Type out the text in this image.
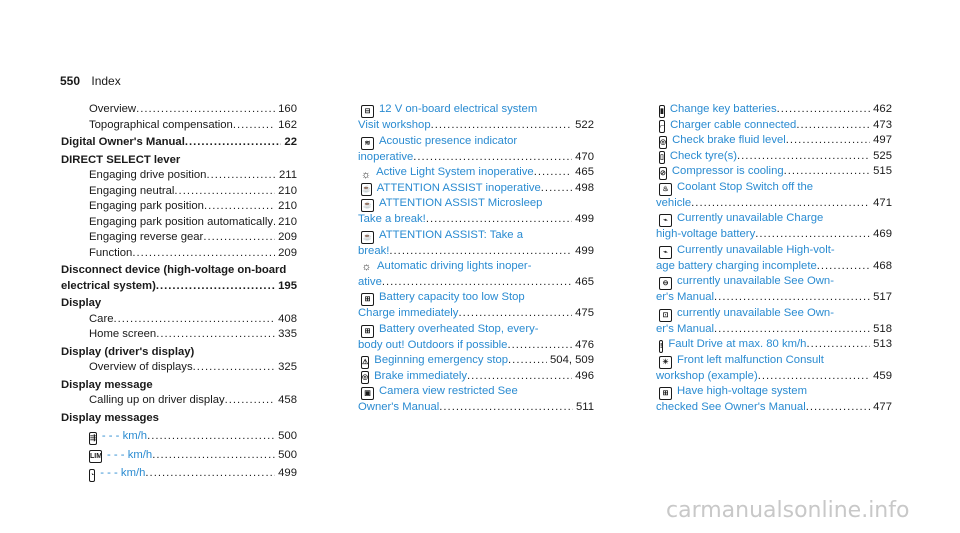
550 Index
Overview .....	160
Topographical compensation .....	162
Digital Owner's Manual .....	22
DIRECT SELECT lever
Engaging drive position .....	211
Engaging neutral .....	210
Engaging park position .....	210
Engaging park position automatically ..... 210
Engaging reverse gear .....	209
Function .....	209
Disconnect device (high-voltage on-board
electrical system) .....	195
Display
Care .....	408
Home screen .....	335
Display (driver's display)
Overview of displays .....	325
Display message
Calling up on driver display .....	458
Display messages
⇶ - - - km/h .....	500
LIM - - - km/h .....	500
◔ - - - km/h .....	499
⊟ 12 V on-board electrical system
Visit workshop .....	522
≋ Acoustic presence indicator
inoperative .....	470
☼ Active Light System inoperative .....	465
☕ ATTENTION ASSIST inoperative .....	498
☕ ATTENTION ASSIST Microsleep
Take a break! .....	499
☕ ATTENTION ASSIST: Take a
break! .....	499
☼ Automatic driving lights inoper-
ative .....	465
⊞ Battery capacity too low Stop
Charge immediately .....	475
⊞ Battery overheated Stop, every-
body out! Outdoors if possible .....	476
⚠ Beginning emergency stop .....	504, 509
◎ Brake immediately .....	496
▣ Camera view restricted See
Owner's Manual .....	511
▮ Change key batteries .....	462
⌐ Charger cable connected .....	473
◎ Check brake fluid level .....	497
▯ Check tyre(s) .....	525
⊘ Compressor is cooling .....	515
♨ Coolant Stop Switch off the
vehicle .....	471
⌁ Currently unavailable Charge
high-voltage battery .....	469
⌁ Currently unavailable High-volt-
age battery charging incomplete .....	468
⊖ currently unavailable See Own-
er's Manual .....	517
⊡ currently unavailable See Own-
er's Manual .....	518
ǃ Fault Drive at max. 80 km/h .....	513
☀ Front left malfunction Consult
workshop (example) .....	459
⊞ Have high-voltage system
checked See Owner's Manual .....	477
carmanualsonline.info
